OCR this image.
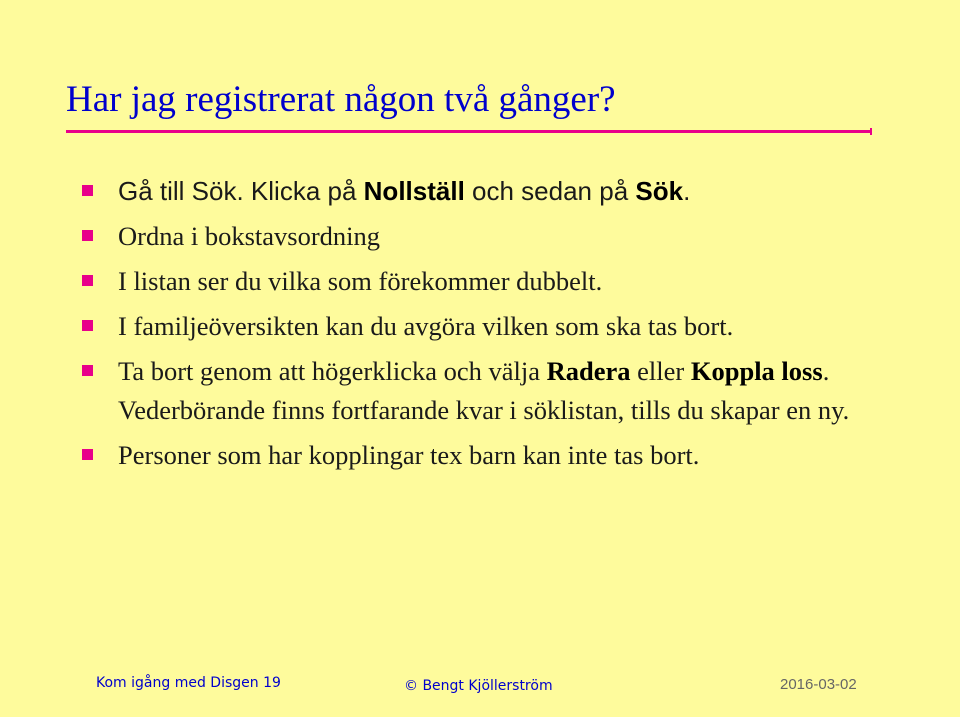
Har jag registrerat någon två gånger?
Gå till Sök. Klicka på Nollställ och sedan på Sök.
Ordna i bokstavsordning
I listan ser du vilka som förekommer dubbelt.
I familjeöversikten kan du avgöra vilken som ska tas bort.
Ta bort genom att högerklicka och välja Radera eller Koppla loss. Vederbörande finns fortfarande kvar i söklistan, tills du skapar en ny.
Personer som har kopplingar tex barn kan inte tas bort.
Kom igång med Disgen 19	© Bengt Kjöllerström	2016-03-02
